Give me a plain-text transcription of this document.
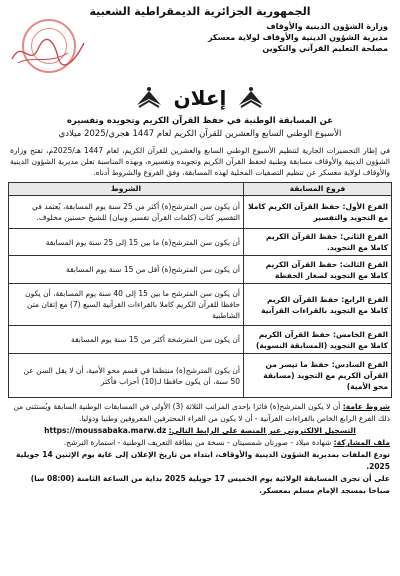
الجمهورية الجزائرية الديمقراطية الشعبية
وزارة الشؤون الدينية والأوقاف
مديرية الشؤون الدينية والأوقاف لولاية معسكر
مصلحة التعليم القرآني والتكوين
إعلان
عن المسابقة الوطنية في حفظ القرآن الكريم وتجويده وتفسيره
الأسبوع الوطني السابع والعشرين للقرآن الكريم لعام 1447 هجري/2025 ميلادي
في إطار التحضيرات الجارية لتنظيم الأسبوع الوطني السابع والعشرين للقرآن الكريم، لعام 1447 هـ/2025م، تفتح وزارة الشؤون الدينية والأوقاف مسابقة وطنية لحفظ القرآن الكريم وتجويده وتفسيره، وبهذه المناسبة تعلن مديرية الشؤون الدينية والأوقاف لولاية معسكر عن تنظيم التصفيات المحلية لهذه المسابقة، وفق الفروع والشروط أدناه.
فروع المسابقة	الشروط
الفرع الأول: حفظ القرآن الكريم كاملا مع التجويد والتفسير	أن يكون سن المترشح(ة) أكثر من 25 سنة يوم المسابقة، يُعتمد في التفسير كتاب (كلمات القرآن تفسير وبيان) للشيخ حسنين مخلوف.
الفرع الثاني: حفظ القرآن الكريم كاملا مع التجويد.	أن يكون سن المترشح(ة) ما بين 15 إلى 25 سنة يوم المسابقة
الفرع الثالث: حفظ القرآن الكريم كاملا مع التجويد لصغار الحفظة	أن يكون سن المترشح(ة) أقل من 15 سنة يوم المسابقة
الفرع الرابع: حفظ القرآن الكريم كاملا مع التجويد بالقراءات القرآنية	أن يكون سن المترشح ما بين 15 إلى 40 سنة يوم المسابقة، أن يكون حافظا للقرآن الكريم كاملا بالقراءات القرآنية السبع (7) مع إتقان متن الشاطبية
الفرع الخامس: حفظ القرآن الكريم كاملا مع التجويد (المسابقة النسوية)	أن يكون سن المترشحة أكثر من 15 سنة يوم المسابقة
الفرع السادس: حفظ ما تيسر من القرآن الكريم مع التجويد (مسابقة محو الأمية)	أن يكون المترشح(ة) منتظما في قسم محو الأمية، أن لا يقل السن عن 50 سنة، أن يكون حافظا لـ(10) أحزاب فأكثر

شروط عامة: أن لا يكون المترشح(ة) فائزا بإحدى المراتب الثلاثة (3) الأولى في المسابقات الوطنية السابقة ويُستثنى من ذلك الفرع الرابع الخاص بالقراءات القرآنية - أن لا يكون من القراء المحترفين المعروفين وطنيا ودوليا.

التسجيل الالكتروني عبر المنصة على الرابط التالي: https://moussabaka.marw.dz

ملف المشاركة: شهادة ميلاد - صورتان شمسيتان - نسخة من بطاقة التعريف الوطنية - استمارة الترشح.

تودع الملفات بمديرية الشؤون الدينية والأوقاف، ابتداء من تاريخ الإعلان إلى غاية يوم الإثنين 14 جويلية 2025.

على أن تجرى المسابقة الولائية يوم الخميس 17 جويلية 2025 بداية من الساعة الثامنة (08:00 سا) صباحا بمسجد الإمام مسلم بمعسكر.
